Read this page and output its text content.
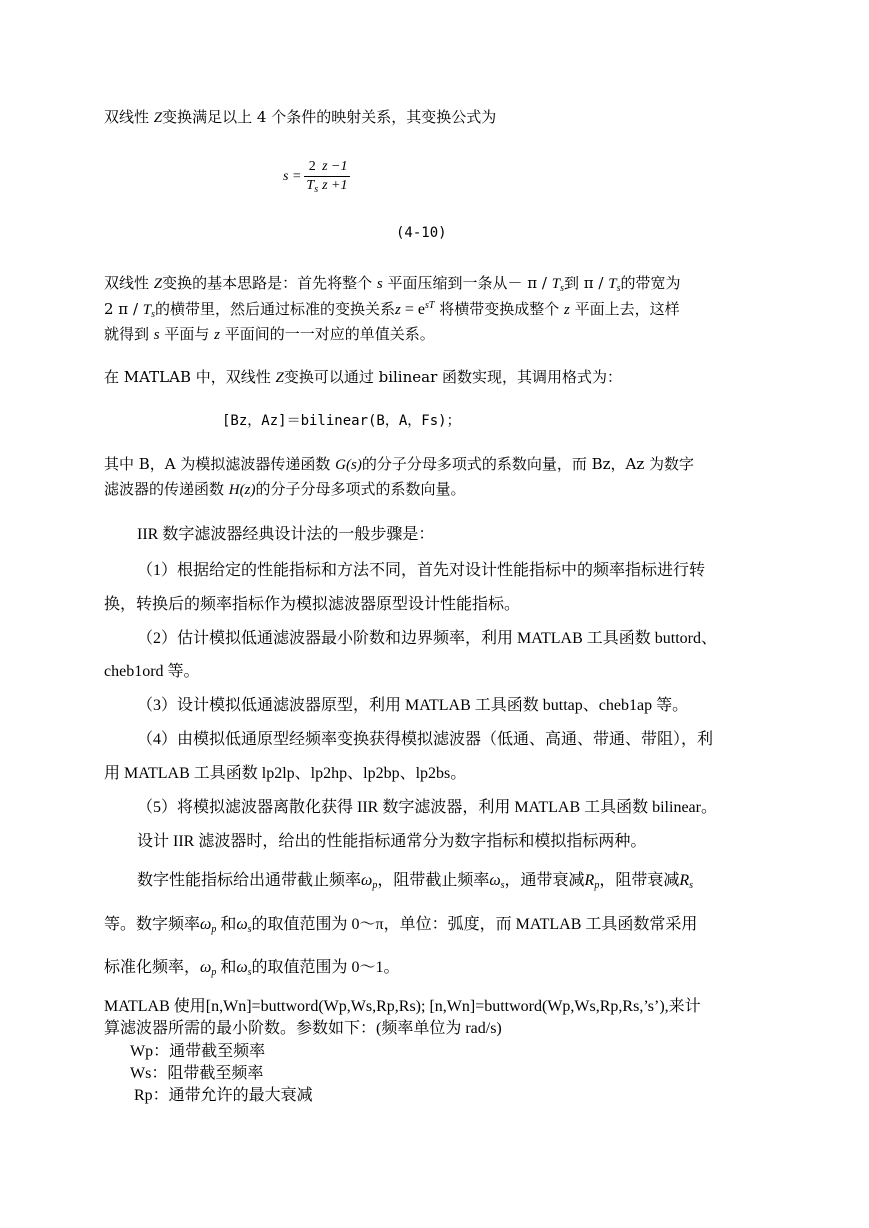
双线性 Z变换满足以上 4 个条件的映射关系，其变换公式为
$s = \frac{2}{T_s} \frac{z -1}{z +1}$
(4-10)
双线性 Z变换的基本思路是：首先将整个 s 平面压缩到一条从－ π / $T_s$到 π / $T_s$的带宽为
2 π / $T_s$的横带里，然后通过标准的变换关系$z = e^{sT}$ 将横带变换成整个 z 平面上去，这样
就得到 s 平面与 z 平面间的一一对应的单值关系。
在 MATLAB 中，双线性 Z变换可以通过 bilinear 函数实现，其调用格式为：
[Bz，Az]＝bilinear(B，A，Fs)；
其中 B，A 为模拟滤波器传递函数 G(s)的分子分母多项式的系数向量，而 Bz，Az 为数字
滤波器的传递函数 H(z)的分子分母多项式的系数向量。
IIR 数字滤波器经典设计法的一般步骤是：
（1）根据给定的性能指标和方法不同，首先对设计性能指标中的频率指标进行转
换，转换后的频率指标作为模拟滤波器原型设计性能指标。
（2）估计模拟低通滤波器最小阶数和边界频率，利用 MATLAB 工具函数 buttord、
cheb1ord 等。
（3）设计模拟低通滤波器原型，利用 MATLAB 工具函数 buttap、cheb1ap 等。
（4）由模拟低通原型经频率变换获得模拟滤波器（低通、高通、带通、带阻），利
用 MATLAB 工具函数 lp2lp、lp2hp、lp2bp、lp2bs。
（5）将模拟滤波器离散化获得 IIR 数字滤波器，利用 MATLAB 工具函数 bilinear。
设计 IIR 滤波器时，给出的性能指标通常分为数字指标和模拟指标两种。
数字性能指标给出通带截止频率$\omega_p$，阻带截止频率$\omega_s$，通带衰减$R_p$，阻带衰减$R_s$
等。数字频率$\omega_p$ 和$\omega_s$的取值范围为 0～π，单位：弧度，而 MATLAB 工具函数常采用
标准化频率，$\omega_p$ 和$\omega_s$的取值范围为 0～1。
MATLAB 使用[n,Wn]=buttword(Wp,Ws,Rp,Rs); [n,Wn]=buttword(Wp,Ws,Rp,Rs,’s’),来计
算滤波器所需的最小阶数。参数如下：(频率单位为 rad/s)
Wp：通带截至频率
Ws：阻带截至频率
Rp：通带允许的最大衰减
